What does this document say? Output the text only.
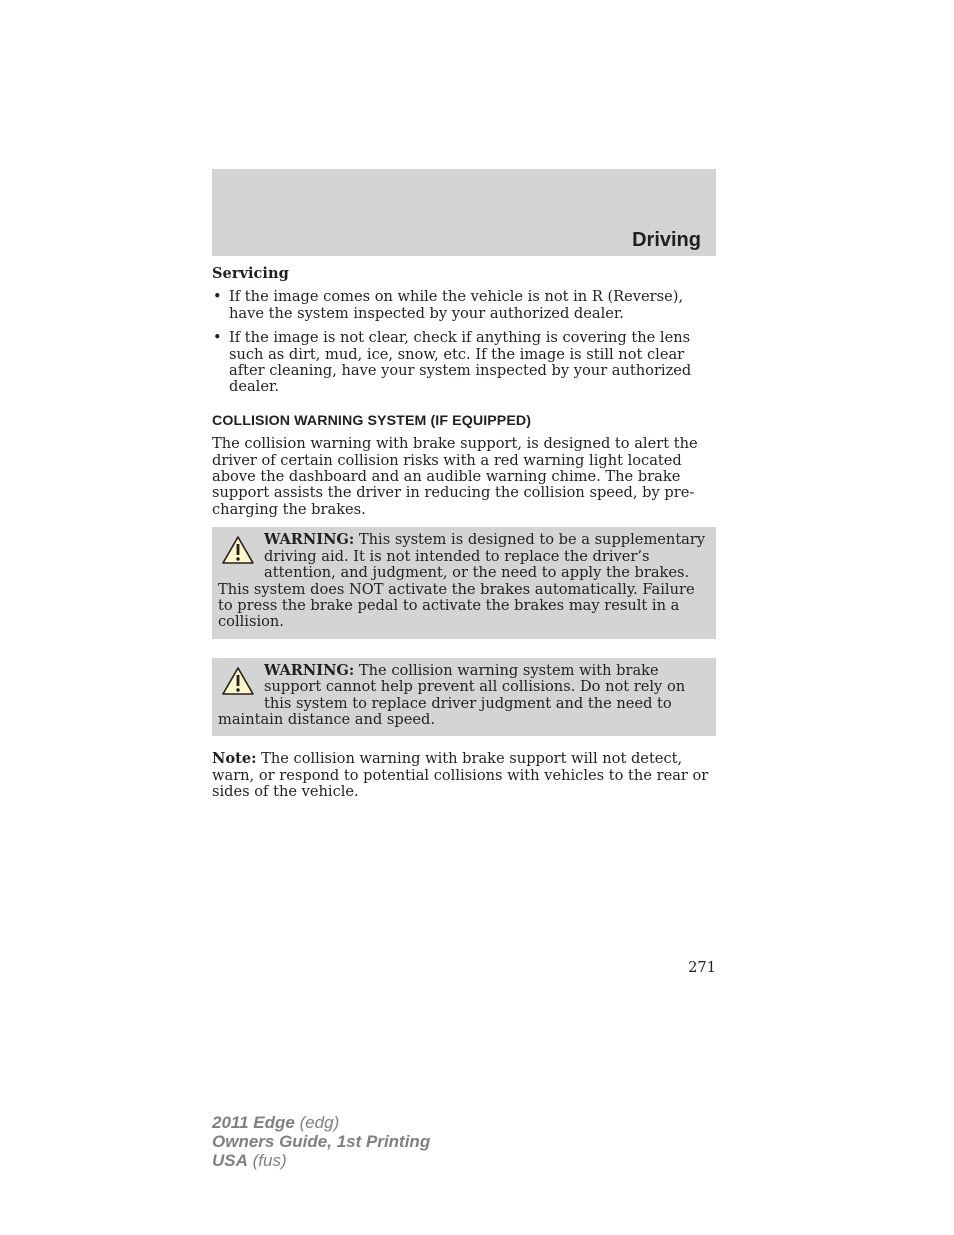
Driving
Servicing
• If the image comes on while the vehicle is not in R (Reverse), have the system inspected by your authorized dealer.
• If the image is not clear, check if anything is covering the lens such as dirt, mud, ice, snow, etc. If the image is still not clear after cleaning, have your system inspected by your authorized dealer.
COLLISION WARNING SYSTEM (IF EQUIPPED)

The collision warning with brake support, is designed to alert the driver of certain collision risks with a red warning light located above the dashboard and an audible warning chime. The brake support assists the driver in reducing the collision speed, by pre-charging the brakes.

WARNING: This system is designed to be a supplementary driving aid. It is not intended to replace the driver’s attention, and judgment, or the need to apply the brakes. This system does NOT activate the brakes automatically. Failure to press the brake pedal to activate the brakes may result in a collision.
WARNING: The collision warning system with brake support cannot help prevent all collisions. Do not rely on this system to replace driver judgment and the need to maintain distance and speed.

Note: The collision warning with brake support will not detect, warn, or respond to potential collisions with vehicles to the rear or sides of the vehicle.

271
2011 Edge (edg)
Owners Guide, 1st Printing
USA (fus)
